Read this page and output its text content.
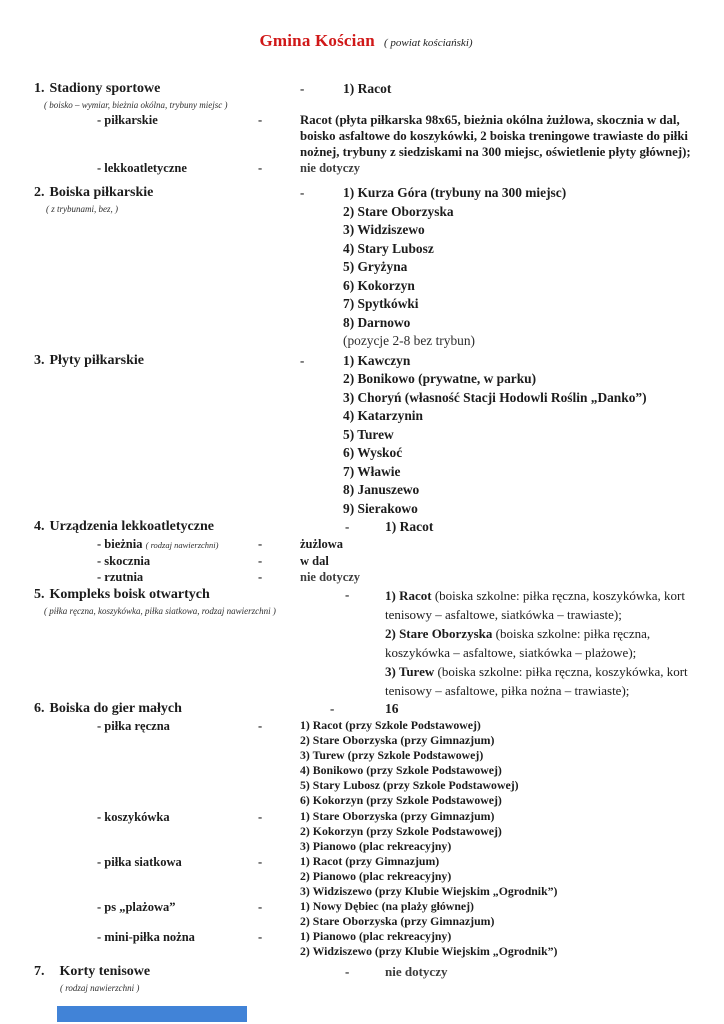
Gmina Kościan ( powiat kościański)
1. Stadiony sportowe	-	1) Racot
( boisko – wymiar, bieżnia okólna, trybuny miejsc )
- piłkarskie	-	Racot (płyta piłkarska 98x65, bieżnia okólna żużlowa, skocznia w dal, boisko asfaltowe do koszykówki, 2 boiska treningowe trawiaste do piłki nożnej, trybuny z siedziskami na 300 miejsc, oświetlenie płyty głównej);
- lekkoatletyczne	-	nie dotyczy
2. Boiska piłkarskie
( z trybunami, bez, )
-	1) Kurza Góra (trybuny na 300 miejsc)
2) Stare Oborzyska
3) Widziszewo
4) Stary Lubosz
5) Gryżyna
6) Kokorzyn
7) Spytkówki
8) Darnowo
(pozycje 2-8 bez trybun)
3. Płyty piłkarskie	-	1) Kawczyn
2) Bonikowo (prywatne, w parku)
3) Choryń (własność Stacji Hodowli Roślin „Danko”)
4) Katarzynin
5) Turew
6) Wyskoć
7) Wławie
8) Januszewo
9) Sierakowo
4. Urządzenia lekkoatletyczne	-	1) Racot
- bieżnia ( rodzaj nawierzchni)	-	żużlowa
- skocznia	-	w dal
- rzutnia	-	nie dotyczy
5. Kompleks boisk otwartych
( piłka ręczna, koszykówka, piłka siatkowa, rodzaj nawierzchni )
-	1) Racot (boiska szkolne: piłka ręczna, koszykówka, kort tenisowy – asfaltowe, siatkówka – trawiaste);
2) Stare Oborzyska (boiska szkolne: piłka ręczna, koszykówka – asfaltowe, siatkówka – plażowe);
3) Turew (boiska szkolne: piłka ręczna, koszykówka, kort tenisowy – asfaltowe, piłka nożna – trawiaste);
6. Boiska do gier małych	-	16
- piłka ręczna	-	1) Racot (przy Szkole Podstawowej)
2) Stare Oborzyska (przy Gimnazjum)
3) Turew (przy Szkole Podstawowej)
4) Bonikowo (przy Szkole Podstawowej)
5) Stary Lubosz (przy Szkole Podstawowej)
6) Kokorzyn (przy Szkole Podstawowej)
- koszykówka	-	1) Stare Oborzyska (przy Gimnazjum)
2) Kokorzyn (przy Szkole Podstawowej)
3) Pianowo (plac rekreacyjny)
- piłka siatkowa	-	1) Racot (przy Gimnazjum)
2) Pianowo (plac rekreacyjny)
3) Widziszewo (przy Klubie Wiejskim „Ogrodnik”)
- ps „plażowa”	-	1) Nowy Dębiec (na plaży głównej)
2) Stare Oborzyska (przy Gimnazjum)
- mini-piłka nożna	-	1) Pianowo (plac rekreacyjny)
2) Widziszewo (przy Klubie Wiejskim „Ogrodnik”)
7. Korty tenisowe
( rodzaj nawierzchni )
-	nie dotyczy
